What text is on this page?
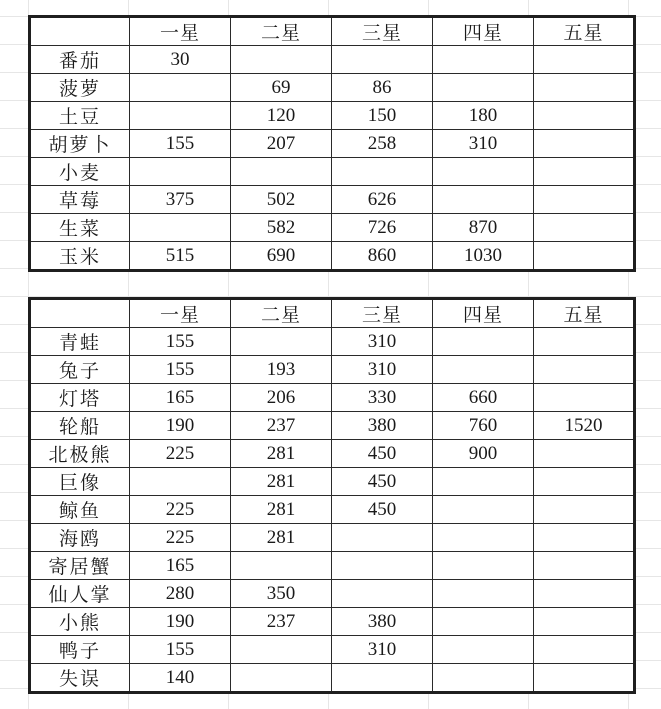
	一星	二星	三星	四星	五星
番茄	30				
菠萝		69	86		
土豆		120	150	180	
胡萝卜	155	207	258	310	
小麦					
草莓	375	502	626		
生菜		582	726	870	
玉米	515	690	860	1030	
	一星	二星	三星	四星	五星
青蛙	155		310		
兔子	155	193	310		
灯塔	165	206	330	660	
轮船	190	237	380	760	1520
北极熊	225	281	450	900	
巨像		281	450		
鲸鱼	225	281	450		
海鸥	225	281			
寄居蟹	165				
仙人掌	280	350			
小熊	190	237	380		
鸭子	155		310		
失误	140				
